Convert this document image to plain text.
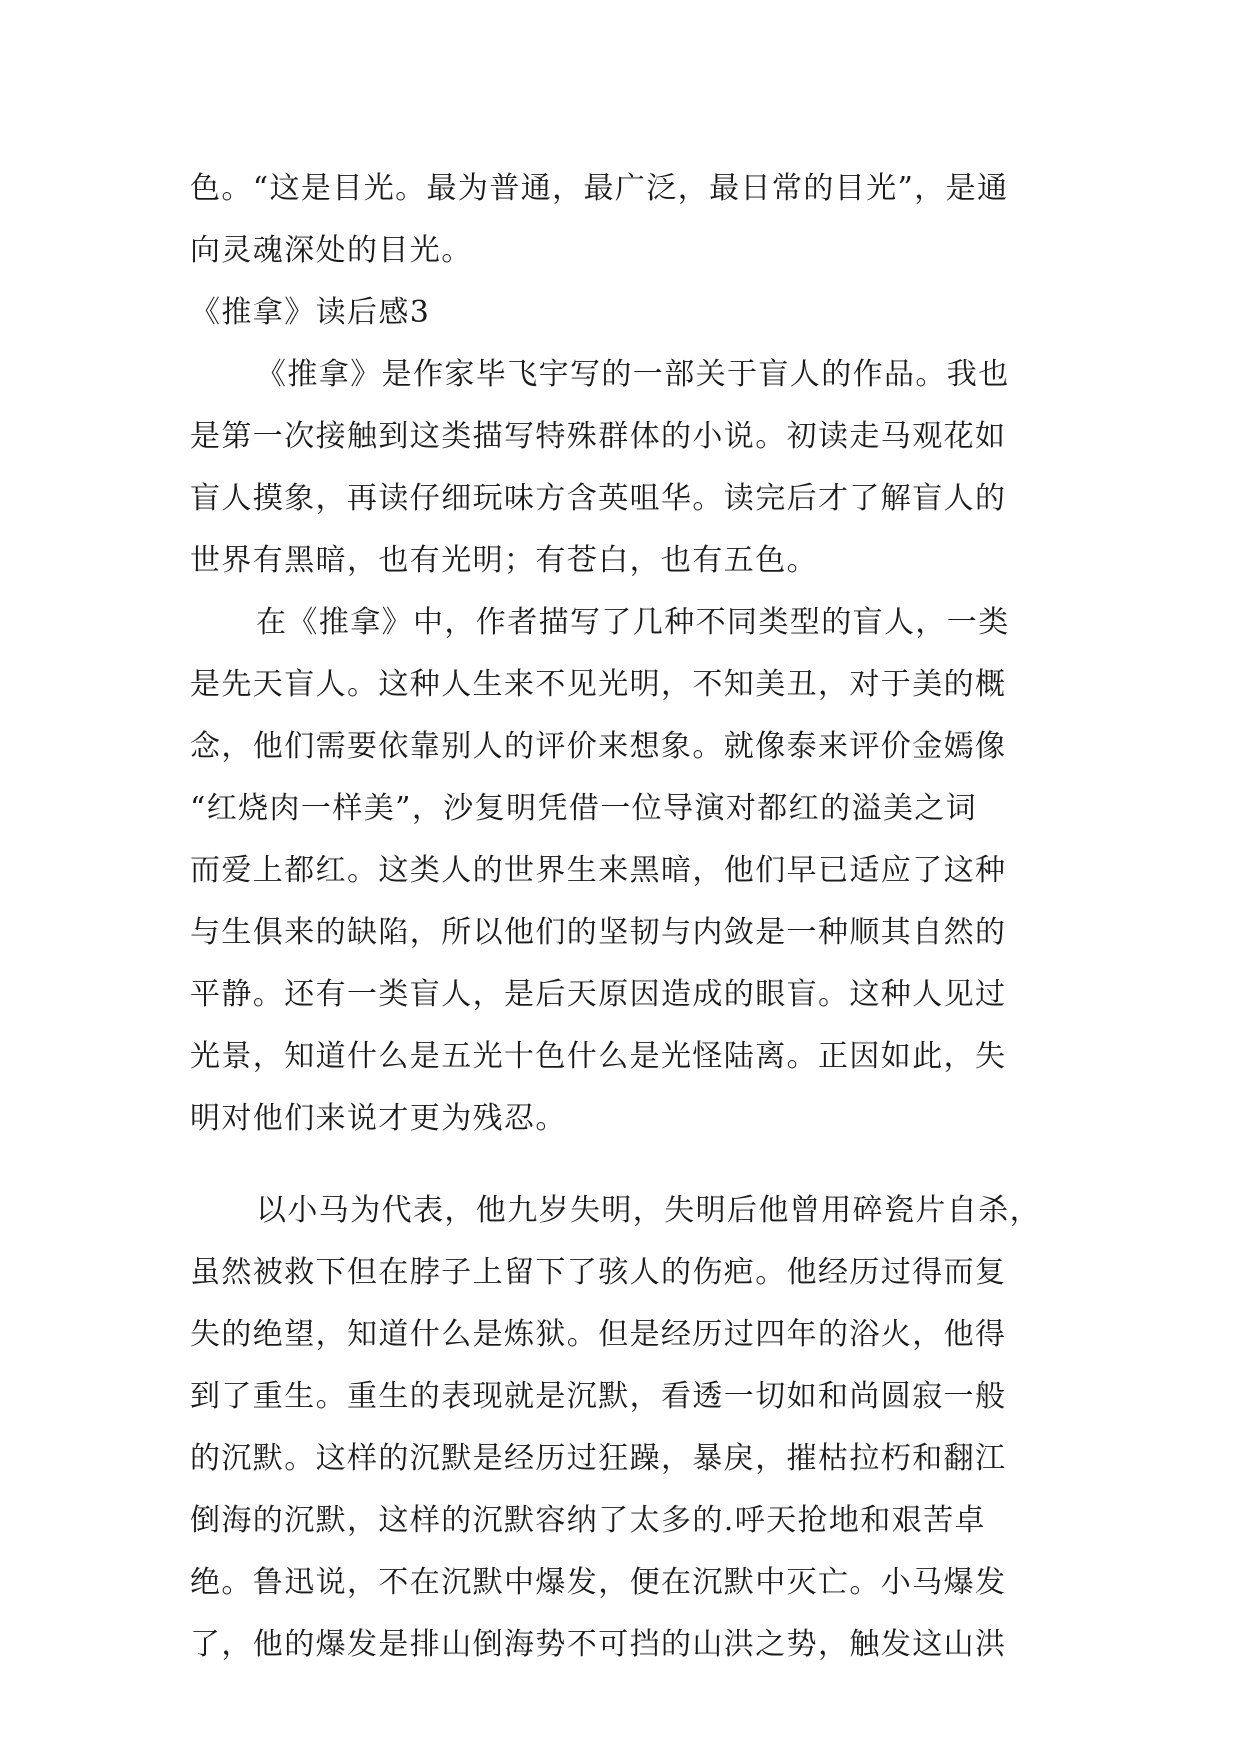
色。“这是目光。最为普通，最广泛，最日常的目光”，是通
向灵魂深处的目光。
《推拿》读后感3
《推拿》是作家毕飞宇写的一部关于盲人的作品。我也
是第一次接触到这类描写特殊群体的小说。初读走马观花如
盲人摸象，再读仔细玩味方含英咀华。读完后才了解盲人的
世界有黑暗，也有光明；有苍白，也有五色。
在《推拿》中，作者描写了几种不同类型的盲人，一类
是先天盲人。这种人生来不见光明，不知美丑，对于美的概
念，他们需要依靠别人的评价来想象。就像泰来评价金嫣像
“红烧肉一样美”，沙复明凭借一位导演对都红的溢美之词
而爱上都红。这类人的世界生来黑暗，他们早已适应了这种
与生俱来的缺陷，所以他们的坚韧与内敛是一种顺其自然的
平静。还有一类盲人，是后天原因造成的眼盲。这种人见过
光景，知道什么是五光十色什么是光怪陆离。正因如此，失
明对他们来说才更为残忍。
以小马为代表，他九岁失明，失明后他曾用碎瓷片自杀，
虽然被救下但在脖子上留下了骇人的伤疤。他经历过得而复
失的绝望，知道什么是炼狱。但是经历过四年的浴火，他得
到了重生。重生的表现就是沉默，看透一切如和尚圆寂一般
的沉默。这样的沉默是经历过狂躁，暴戾，摧枯拉朽和翻江
倒海的沉默，这样的沉默容纳了太多的.呼天抢地和艰苦卓
绝。鲁迅说，不在沉默中爆发，便在沉默中灭亡。小马爆发
了，他的爆发是排山倒海势不可挡的山洪之势，触发这山洪
